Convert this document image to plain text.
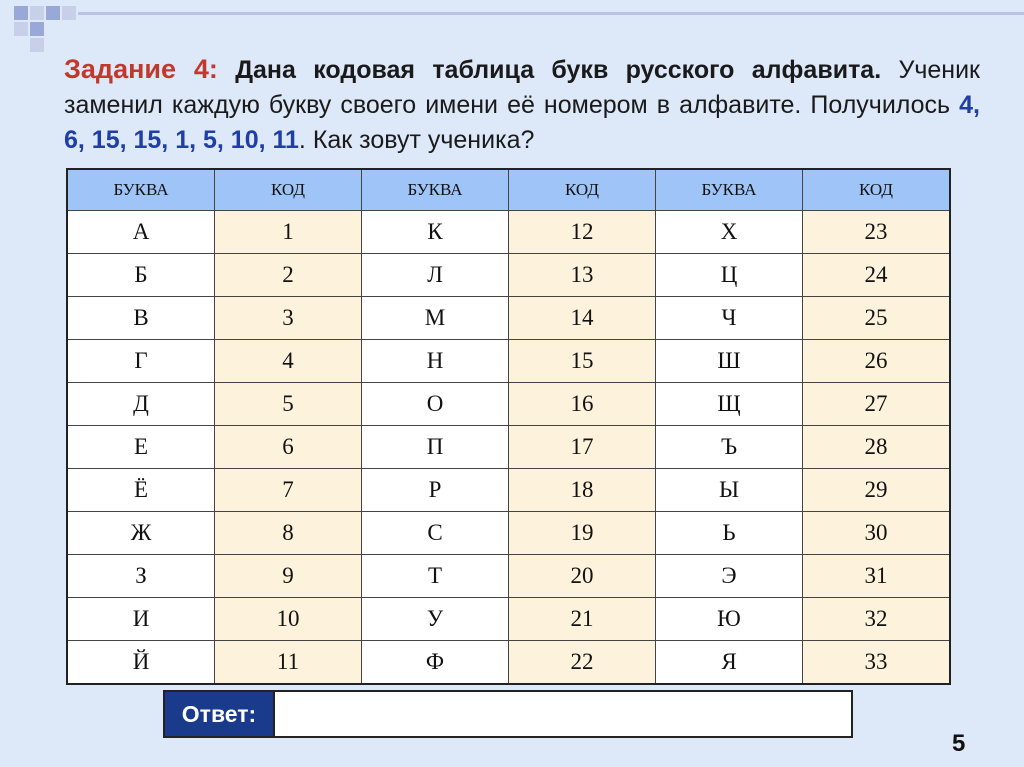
Задание 4: Дана кодовая таблица букв русского алфавита. Ученик заменил каждую букву своего имени её номером в алфавите. Получилось 4, 6, 15, 15, 1, 5, 10, 11. Как зовут ученика?
БУКВА	КОД	БУКВА	КОД	БУКВА	КОД
А	1	К	12	Х	23
Б	2	Л	13	Ц	24
В	3	М	14	Ч	25
Г	4	Н	15	Ш	26
Д	5	О	16	Щ	27
Е	6	П	17	Ъ	28
Ё	7	Р	18	Ы	29
Ж	8	С	19	Ь	30
З	9	Т	20	Э	31
И	10	У	21	Ю	32
Й	11	Ф	22	Я	33
Ответ:
5
